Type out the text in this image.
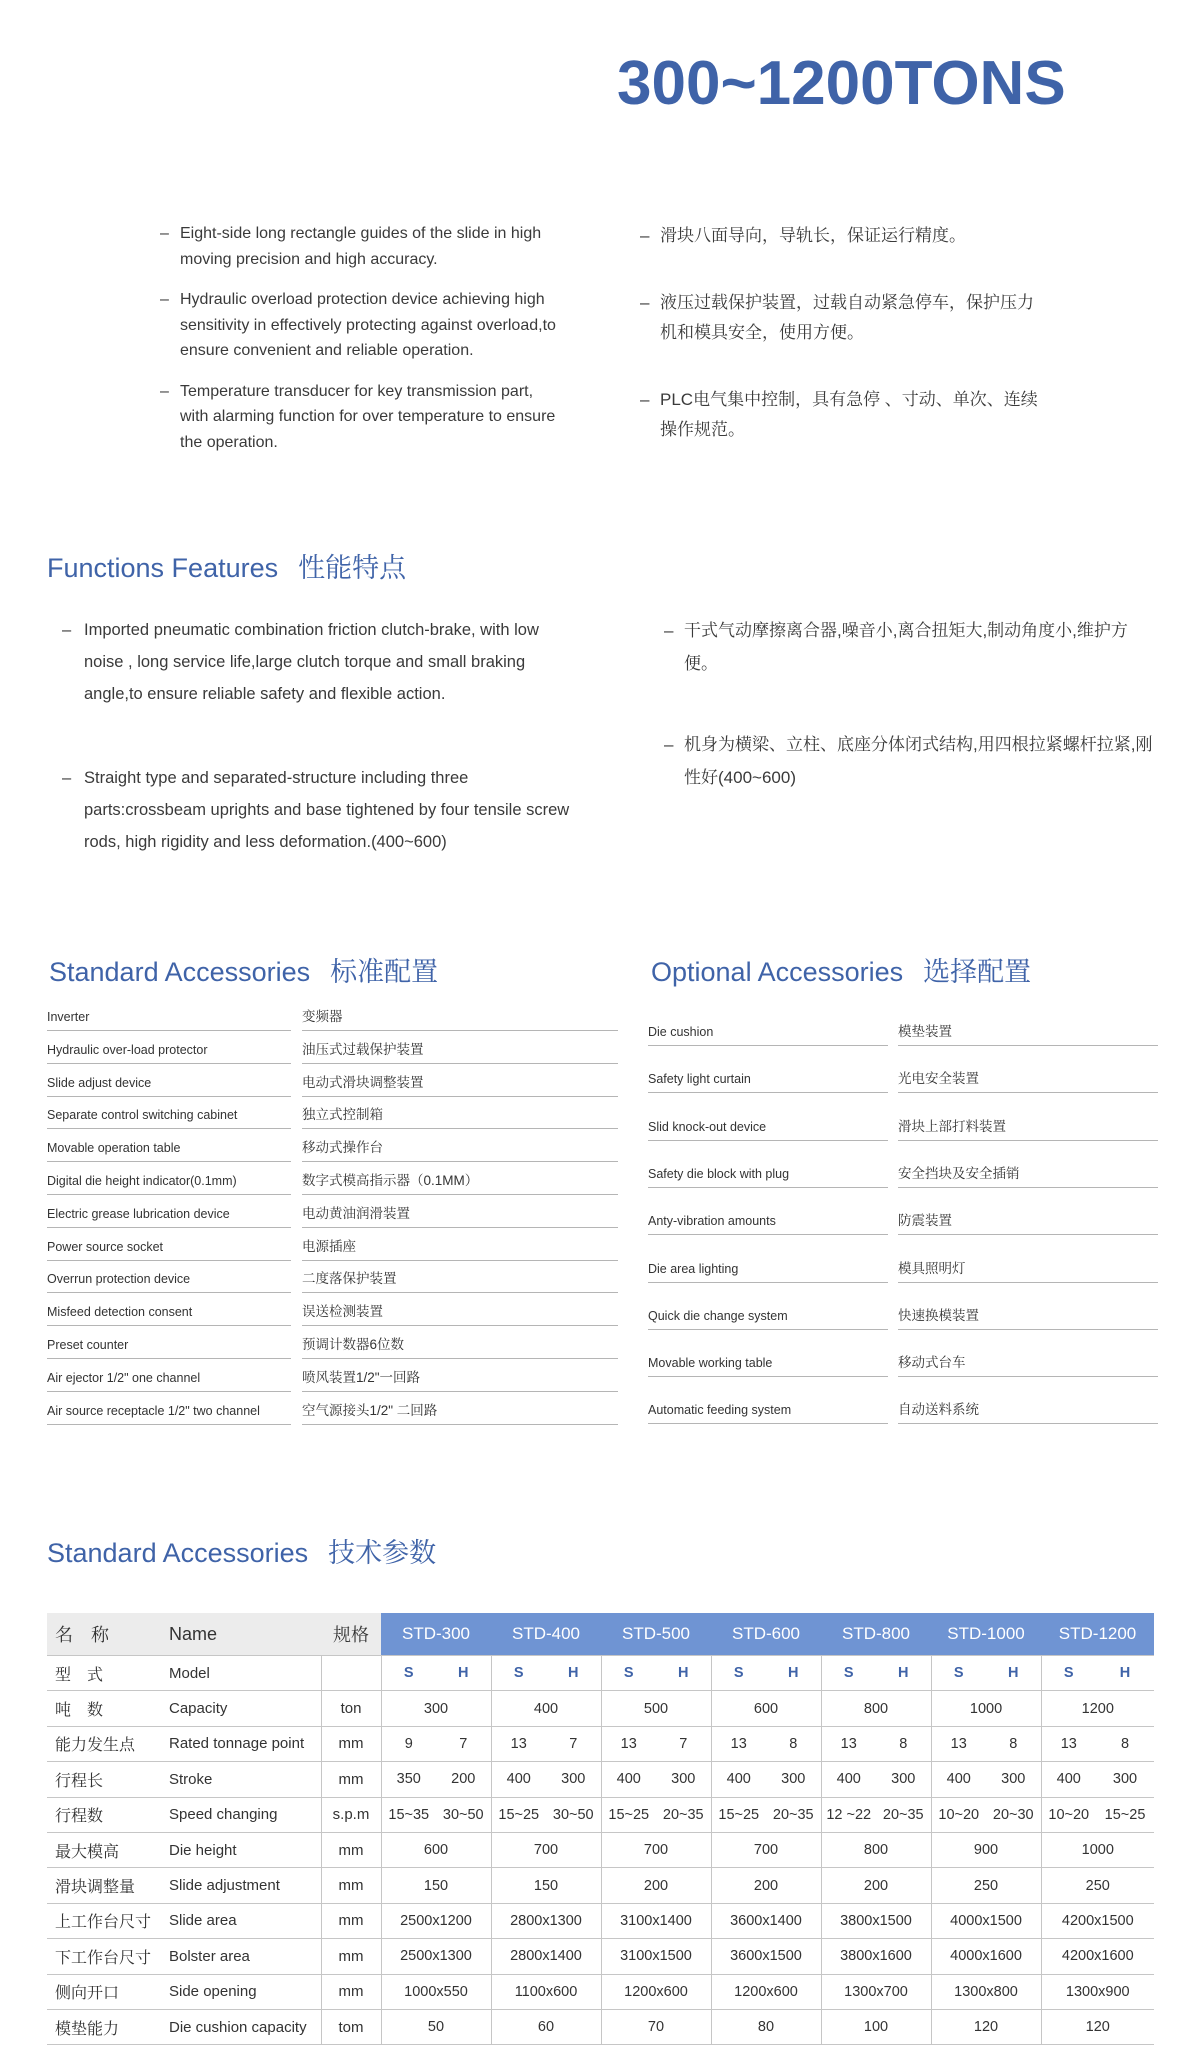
300~1200TONS
– Eight-side long rectangle guides of the slide in high moving precision and high accuracy.
– Hydraulic overload protection device achieving high sensitivity in effectively protecting against overload,to ensure convenient and reliable operation.
– Temperature transducer for key transmission part, with alarming function for over temperature to ensure the operation.
– 滑块八面导向，导轨长，保证运行精度。
– 液压过载保护装置，过载自动紧急停车，保护压力机和模具安全，使用方便。
– PLC电气集中控制，具有急停 、寸动、单次、连续操作规范。
Functions Features 性能特点
– Imported pneumatic combination friction clutch-brake, with low noise , long service life,large clutch torque and small braking angle,to ensure reliable safety and flexible action.
– Straight type and separated-structure including three parts:crossbeam uprights and base tightened by four tensile screw rods, high rigidity and less deformation.(400~600)
– 干式气动摩擦离合器,噪音小,离合扭矩大,制动角度小,维护方便。
– 机身为横梁、立柱、底座分体闭式结构,用四根拉紧螺杆拉紧,刚性好(400~600)
Standard Accessories 标准配置
Inverter	变频器
Hydraulic over-load protector	油压式过载保护装置
Slide adjust device	电动式滑块调整装置
Separate control switching cabinet	独立式控制箱
Movable operation table	移动式操作台
Digital die height indicator(0.1mm)	数字式模高指示器（0.1MM）
Electric grease lubrication device	电动黄油润滑装置
Power source socket	电源插座
Overrun protection device	二度落保护装置
Misfeed detection consent	误送检测装置
Preset counter	预调计数器6位数
Air ejector 1/2" one channel	喷风装置1/2"一回路
Air source receptacle 1/2" two channel	空气源接头1/2" 二回路
Optional Accessories 选择配置
Die cushion	模垫装置
Safety light curtain	光电安全装置
Slid knock-out device	滑块上部打料装置
Safety die block with plug	安全挡块及安全插销
Anty-vibration amounts	防震装置
Die area lighting	模具照明灯
Quick die change system	快速换模装置
Movable working table	移动式台车
Automatic feeding system	自动送料系统
Standard Accessories 技术参数
名　称	Name	规格	STD-300		STD-400		STD-500		STD-600		STD-800		STD-1000		STD-1200	
型　式	Model		S	H	S	H	S	H	S	H	S	H	S	H	S	H
吨　数	Capacity	ton	300		400		500		600		800		1000		1200	
能力发生点	Rated tonnage point	mm	9	7	13	7	13	7	13	8	13	8	13	8	13	8
行程长	Stroke	mm	350	200	400	300	400	300	400	300	400	300	400	300	400	300
行程数	Speed changing	s.p.m	15~35	30~50	15~25	30~50	15~25	20~35	15~25	20~35	12 ~22	20~35	10~20	20~30	10~20	15~25
最大模高	Die height	mm	600		700		700		700		800		900		1000	
滑块调整量	Slide adjustment	mm	150		150		200		200		200		250		250	
上工作台尺寸	Slide area	mm	2500x1200		2800x1300		3100x1400		3600x1400		3800x1500		4000x1500		4200x1500	
下工作台尺寸	Bolster area	mm	2500x1300		2800x1400		3100x1500		3600x1500		3800x1600		4000x1600		4200x1600	
侧向开口	Side opening	mm	1000x550		1100x600		1200x600		1200x600		1300x700		1300x800		1300x900	
模垫能力	Die cushion capacity	tom	50		60		70		80		100		120		120	
